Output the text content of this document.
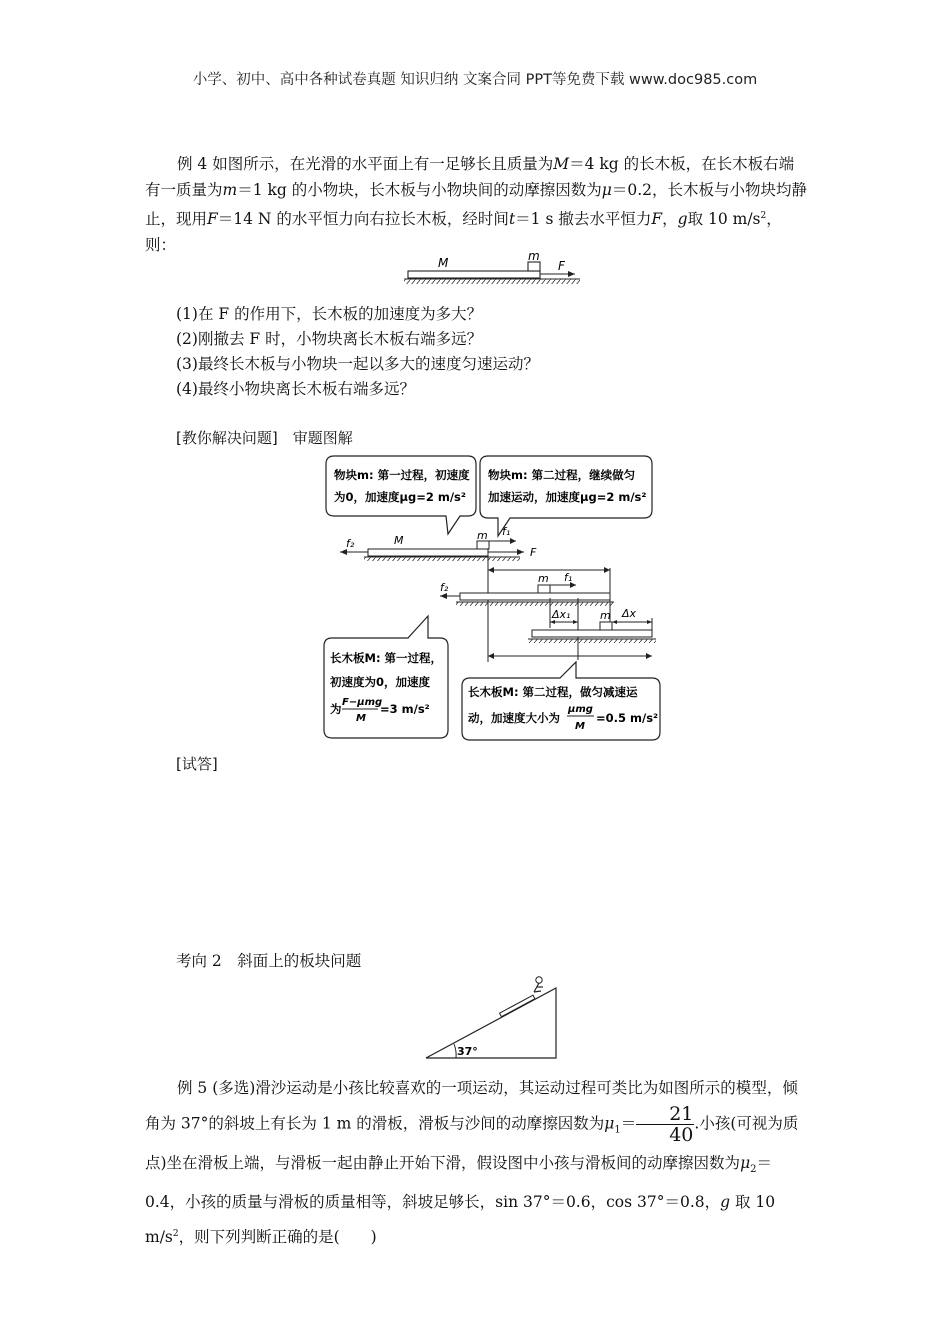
小学、初中、高中各种试卷真题 知识归纳 文案合同 PPT等免费下载 www.doc985.com

例 4 如图所示，在光滑的水平面上有一足够长且质量为M＝4 kg 的长木板，在长木板右端有一质量为m＝1 kg 的小物块，长木板与小物块间的动摩擦因数为μ＝0.2，长木板与小物块均静止，现用F＝14 N 的水平恒力向右拉长木板，经时间t＝1 s 撤去水平恒力F，g取 10 $m/s^2$，则：

M	m
F
(1)在 F 的作用下，长木板的加速度为多大？
(2)刚撤去 F 时，小物块离长木板右端多远？
(3)最终长木板与小物块一起以多大的速度匀速运动？
(4)最终小物块离长木板右端多远？
[教你解决问题]　审题图解
物块m: 第一过程，初速度
为0，加速度μg=2 m/s²
物块m: 第二过程，继续做匀
加速运动，加速度μg=2 m/s²
f₂	M	m f₁
F
f₂
m f₁
Δx₁	m Δx
长木板M: 第一过程，
初速度为0，加速度
为 F−μmg
M
=3 m/s²
长木板M: 第二过程，做匀减速运
动，加速度大小为
μmg
M
=0.5 m/s²
[试答]
考向 2　斜面上的板块问题
37°

例 5 (多选)滑沙运动是小孩比较喜欢的一项运动，其运动过程可类比为如图所示的模型，倾角为 37°的斜坡上有长为 1 m 的滑板，滑板与沙间的动摩擦因数为$\mu_1= \frac{21}{40}$ .小孩(可视为质点)坐在滑板上端，与滑板一起由静止开始下滑，假设图中小孩与滑板间的动摩擦因数为$\mu_2=0.4$，小孩的质量与滑板的质量相等，斜坡足够长，sin 37°＝0.6，cos 37°＝0.8，g 取 10 $m/s^2$，则下列判断正确的是(　　)
